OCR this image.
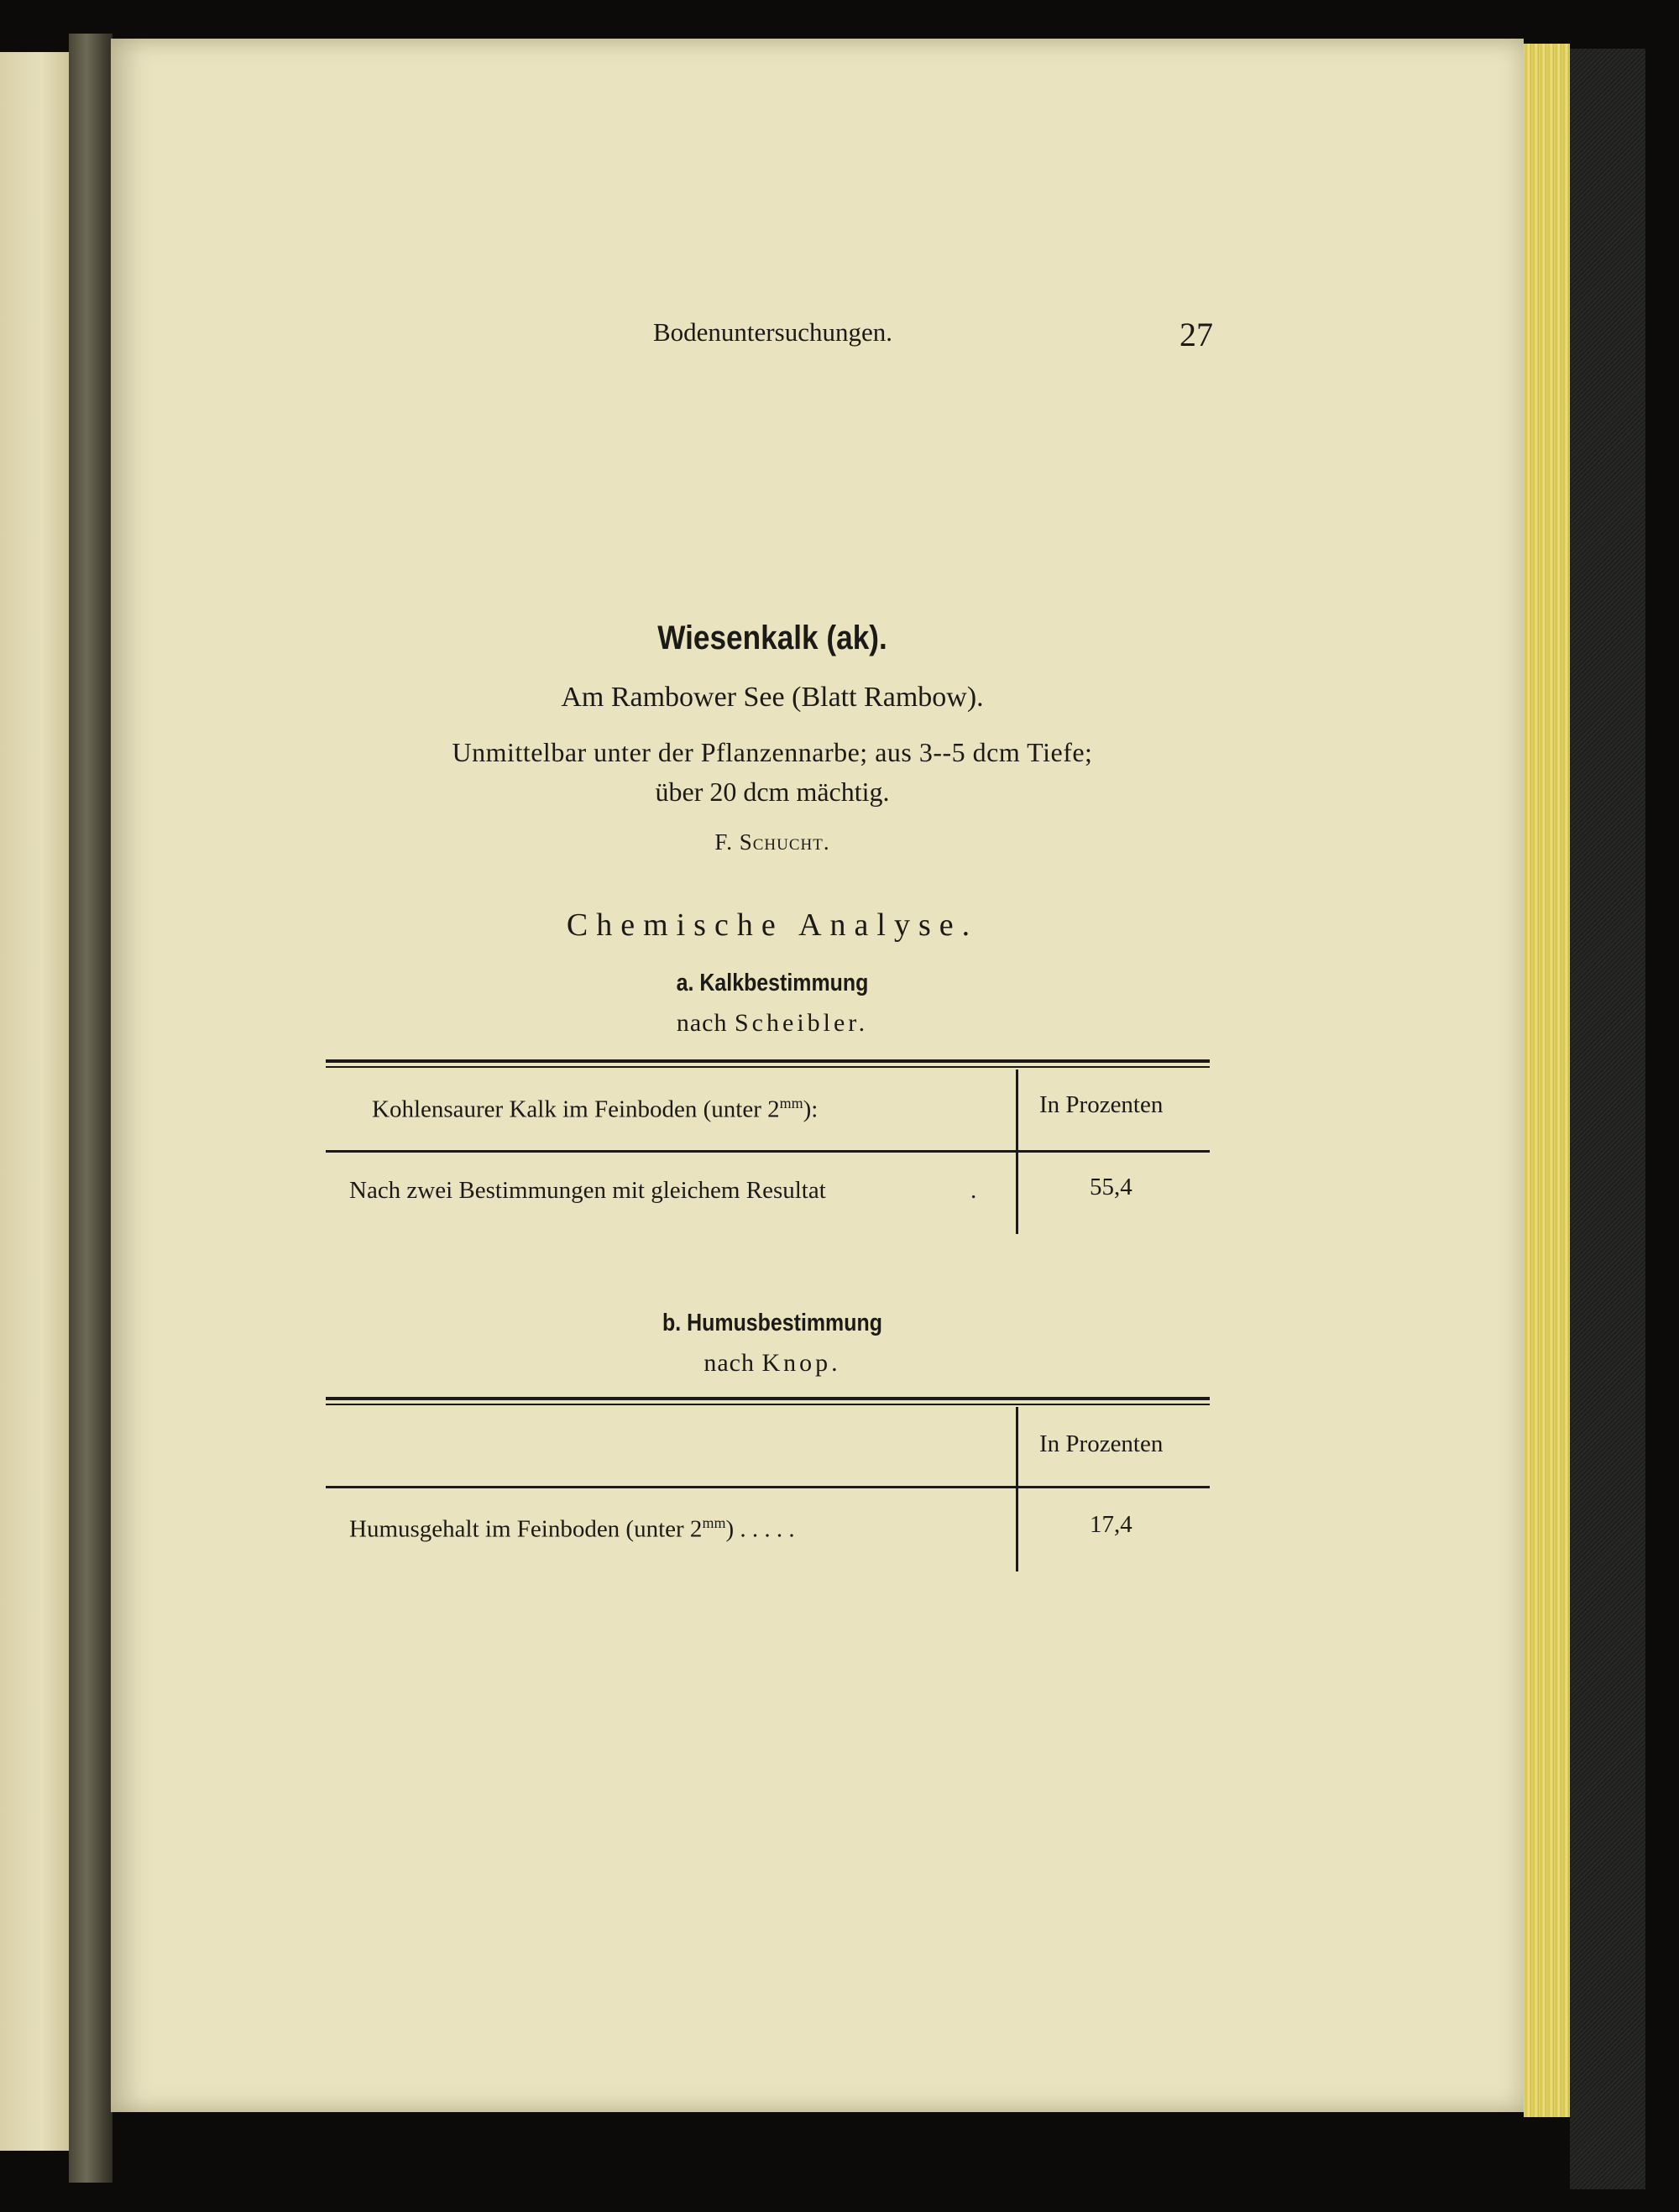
Bodenuntersuchungen.	27
Wiesenkalk (ak).
Am Rambower See (Blatt Rambow).
Unmittelbar unter der Pflanzennarbe; aus 3--5 dcm Tiefe;
über 20 dcm mächtig.
F. Schucht.
Chemische Analyse.
a. Kalkbestimmung
nach Scheibler.
Kohlensaurer Kalk im Feinboden (unter $2^{mm}$):	In Prozenten
Nach zwei Bestimmungen mit gleichem Resultat	.	55,4
b. Humusbestimmung
nach Knop.
In Prozenten
Humusgehalt im Feinboden (unter $2^{mm}$) . . . . .	17,4
